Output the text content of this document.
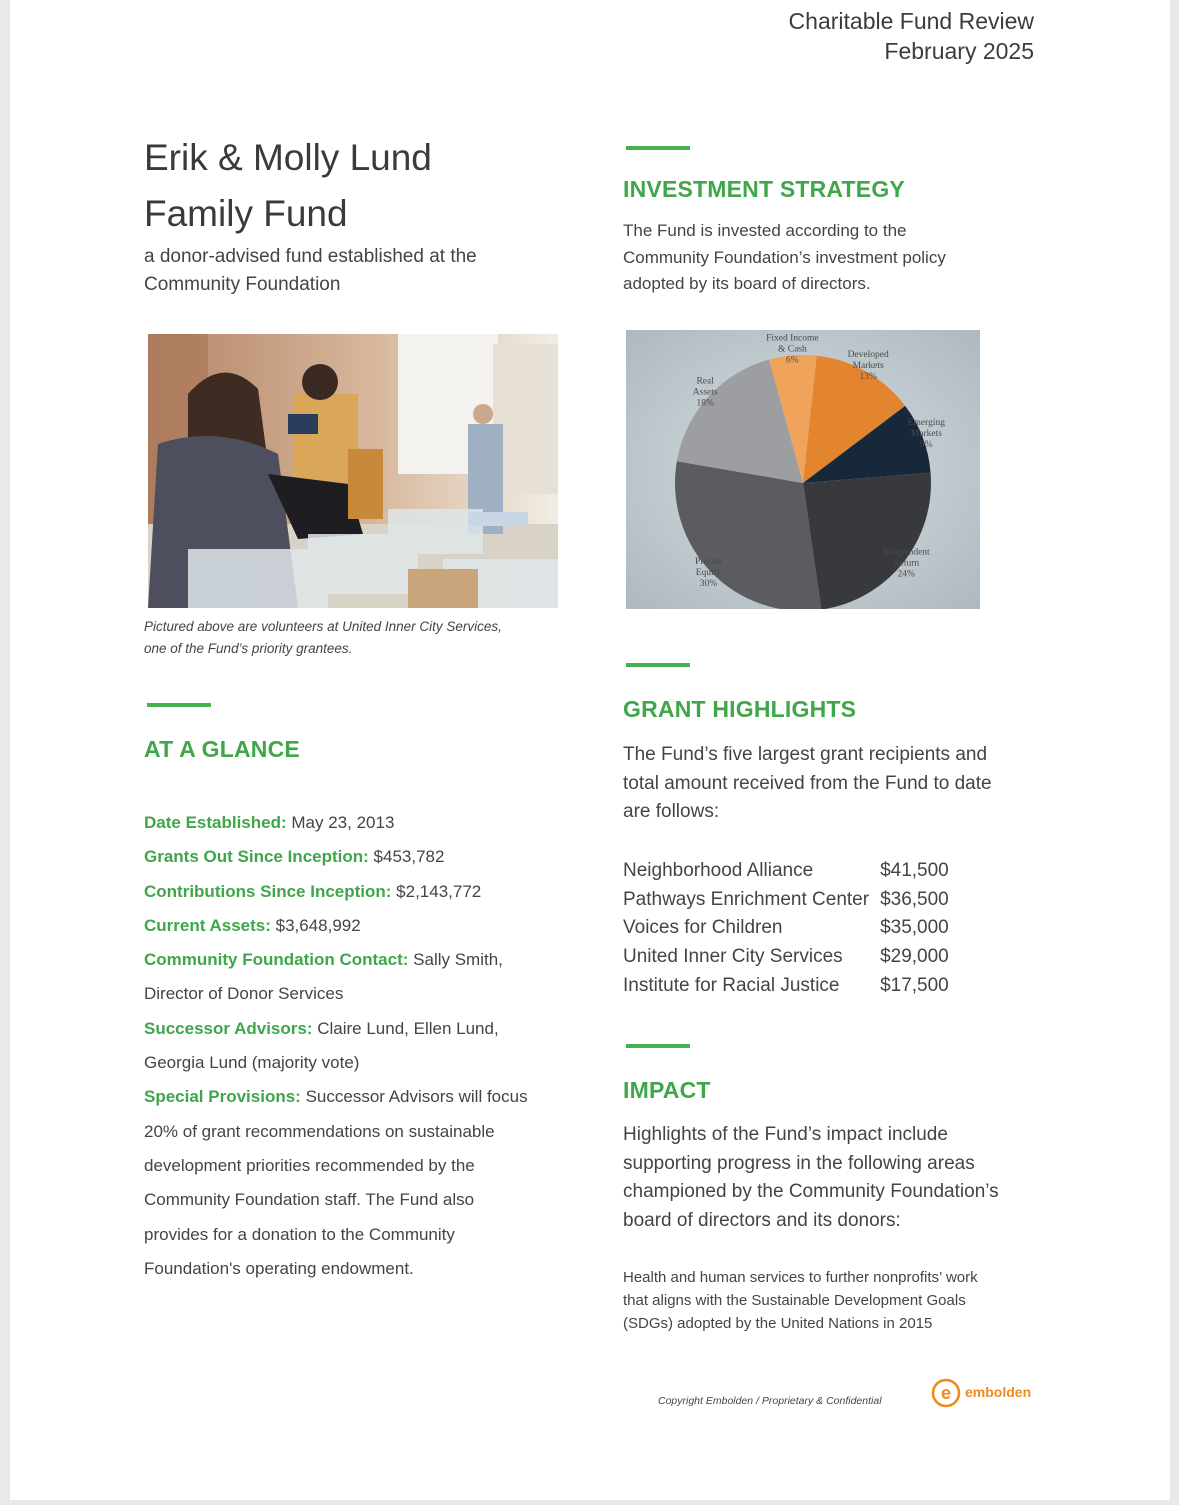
Charitable Fund Review
February 2025
Erik & Molly Lund
Family Fund
a donor-advised fund established at the
Community Foundation
Pictured above are volunteers at United Inner City Services,
one of the Fund’s priority grantees.
AT A GLANCE
Date Established: May 23, 2013
Grants Out Since Inception: $453,782
Contributions Since Inception: $2,143,772
Current Assets: $3,648,992
Community Foundation Contact: Sally Smith,
Director of Donor Services
Successor Advisors: Claire Lund, Ellen Lund,
Georgia Lund (majority vote)
Special Provisions: Successor Advisors will focus
20% of grant recommendations on sustainable
development priorities recommended by the
Community Foundation staff. The Fund also
provides for a donation to the Community
Foundation's operating endowment.
INVESTMENT STRATEGY
The Fund is invested according to the
Community Foundation’s investment policy
adopted by its board of directors.
Fixed Income & Cash 6%
Developed Markets 13%
Emerging Markets 9%
Independent Return 24%
Private Equity 30%
Real Assets 18%
GRANT HIGHLIGHTS
The Fund’s five largest grant recipients and
total amount received from the Fund to date
are follows:
Neighborhood Alliance	$41,500
Pathways Enrichment Center	$36,500
Voices for Children	$35,000
United Inner City Services	$29,000
Institute for Racial Justice	$17,500
IMPACT
Highlights of the Fund’s impact include
supporting progress in the following areas
championed by the Community Foundation’s
board of directors and its donors:
Health and human services to further nonprofits’ work
that aligns with the Sustainable Development Goals
(SDGs) adopted by the United Nations in 2015
Copyright Embolden / Proprietary & Confidential	e embolden
